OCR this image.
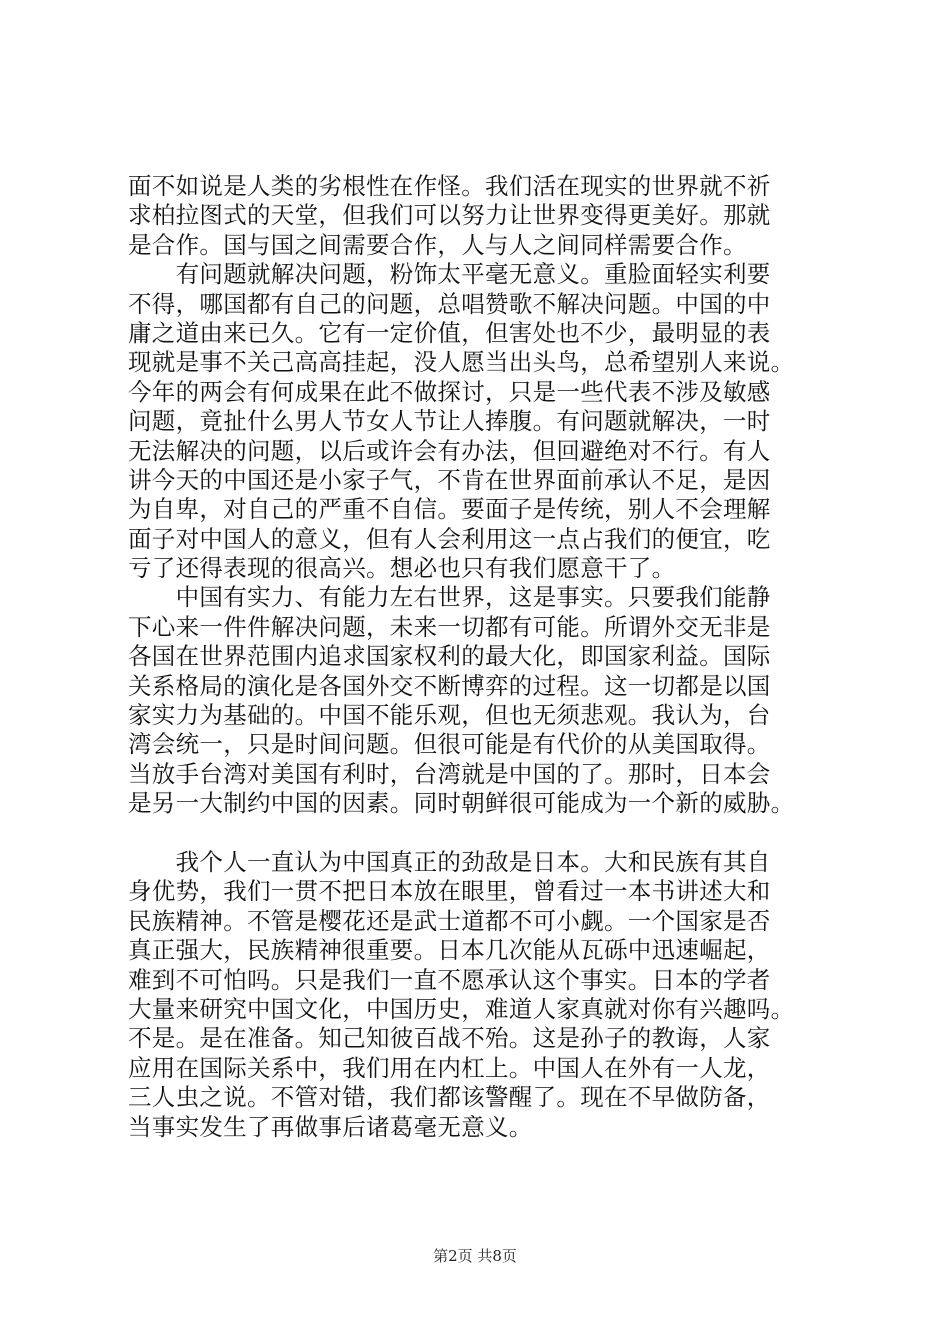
面不如说是人类的劣根性在作怪。我们活在现实的世界就不祈
求柏拉图式的天堂，但我们可以努力让世界变得更美好。那就
是合作。国与国之间需要合作，人与人之间同样需要合作。
　　有问题就解决问题，粉饰太平毫无意义。重脸面轻实利要
不得，哪国都有自己的问题，总唱赞歌不解决问题。中国的中
庸之道由来已久。它有一定价值，但害处也不少，最明显的表
现就是事不关己高高挂起，没人愿当出头鸟，总希望别人来说。
今年的两会有何成果在此不做探讨，只是一些代表不涉及敏感
问题，竟扯什么男人节女人节让人捧腹。有问题就解决，一时
无法解决的问题，以后或许会有办法，但回避绝对不行。有人
讲今天的中国还是小家子气，不肯在世界面前承认不足，是因
为自卑，对自己的严重不自信。要面子是传统，别人不会理解
面子对中国人的意义，但有人会利用这一点占我们的便宜，吃
亏了还得表现的很高兴。想必也只有我们愿意干了。
　　中国有实力、有能力左右世界，这是事实。只要我们能静
下心来一件件解决问题，未来一切都有可能。所谓外交无非是
各国在世界范围内追求国家权利的最大化，即国家利益。国际
关系格局的演化是各国外交不断博弈的过程。这一切都是以国
家实力为基础的。中国不能乐观，但也无须悲观。我认为，台
湾会统一，只是时间问题。但很可能是有代价的从美国取得。
当放手台湾对美国有利时，台湾就是中国的了。那时，日本会
是另一大制约中国的因素。同时朝鲜很可能成为一个新的威胁。
　　我个人一直认为中国真正的劲敌是日本。大和民族有其自
身优势，我们一贯不把日本放在眼里，曾看过一本书讲述大和
民族精神。不管是樱花还是武士道都不可小觑。一个国家是否
真正强大，民族精神很重要。日本几次能从瓦砾中迅速崛起，
难到不可怕吗。只是我们一直不愿承认这个事实。日本的学者
大量来研究中国文化，中国历史，难道人家真就对你有兴趣吗。
不是。是在准备。知己知彼百战不殆。这是孙子的教诲，人家
应用在国际关系中，我们用在内杠上。中国人在外有一人龙，
三人虫之说。不管对错，我们都该警醒了。现在不早做防备，
当事实发生了再做事后诸葛毫无意义。
第2页 共8页
